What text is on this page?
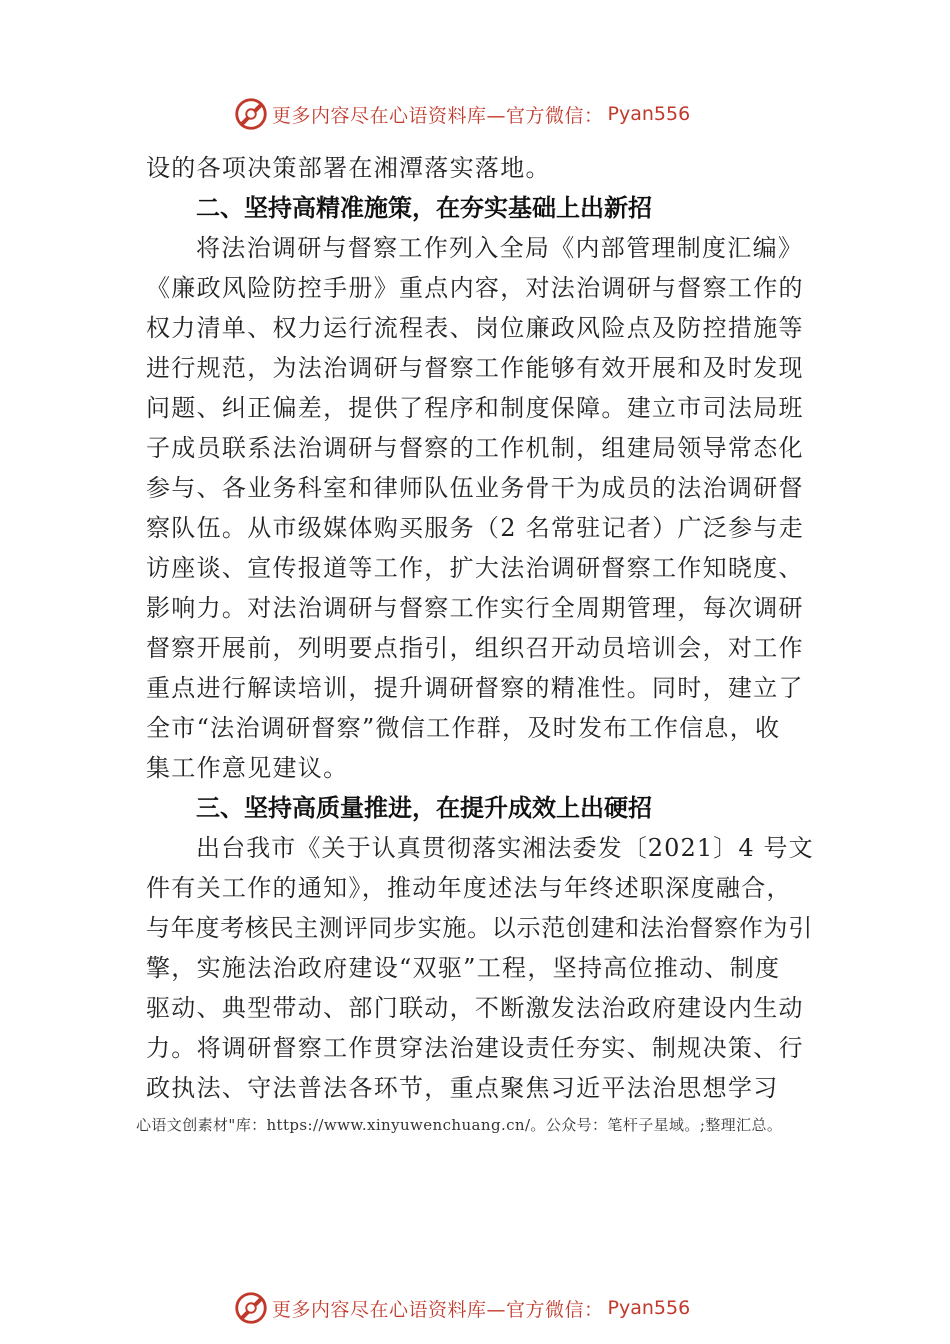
更多内容尽在心语资料库—官方微信： Pyan556
设的各项决策部署在湘潭落实落地。
二、坚持高精准施策，在夯实基础上出新招
将法治调研与督察工作列入全局《内部管理制度汇编》
《廉政风险防控手册》重点内容，对法治调研与督察工作的
权力清单、权力运行流程表、岗位廉政风险点及防控措施等
进行规范，为法治调研与督察工作能够有效开展和及时发现
问题、纠正偏差，提供了程序和制度保障。建立市司法局班
子成员联系法治调研与督察的工作机制，组建局领导常态化
参与、各业务科室和律师队伍业务骨干为成员的法治调研督
察队伍。从市级媒体购买服务（2 名常驻记者）广泛参与走
访座谈、宣传报道等工作，扩大法治调研督察工作知晓度、
影响力。对法治调研与督察工作实行全周期管理，每次调研
督察开展前，列明要点指引，组织召开动员培训会，对工作
重点进行解读培训，提升调研督察的精准性。同时，建立了
全市“法治调研督察”微信工作群，及时发布工作信息，收
集工作意见建议。
三、坚持高质量推进，在提升成效上出硬招
出台我市《关于认真贯彻落实湘法委发〔2021〕4 号文
件有关工作的通知》，推动年度述法与年终述职深度融合，
与年度考核民主测评同步实施。以示范创建和法治督察作为引
擎，实施法治政府建设“双驱”工程，坚持高位推动、制度
驱动、典型带动、部门联动，不断激发法治政府建设内生动
力。将调研督察工作贯穿法治建设责任夯实、制规决策、行
政执法、守法普法各环节，重点聚焦习近平法治思想学习
心语文创素材"库：https://www.xinyuwenchuang.cn/。公众号：笔杆子星域。;整理汇总。
更多内容尽在心语资料库—官方微信： Pyan556
